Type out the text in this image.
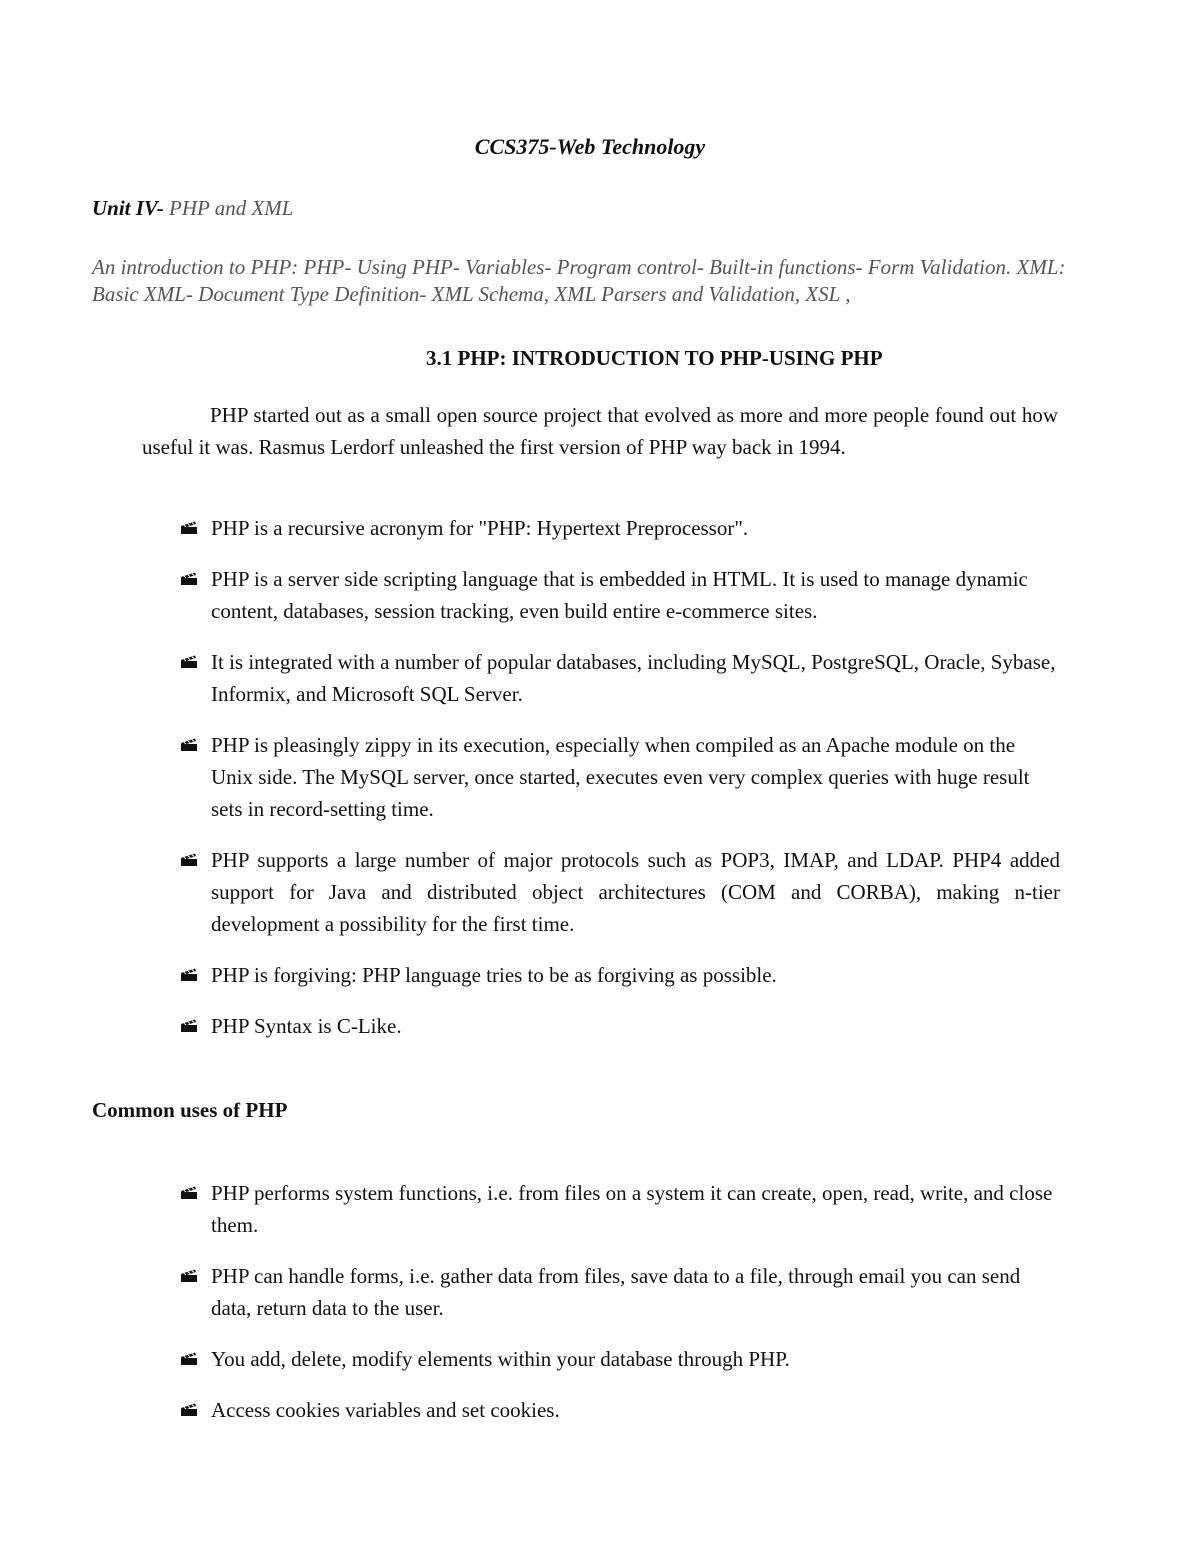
CCS375-Web Technology
Unit IV- PHP and XML
An introduction to PHP: PHP- Using PHP- Variables- Program control- Built-in functions- Form Validation. XML: Basic XML- Document Type Definition- XML Schema, XML Parsers and Validation, XSL ,
3.1 PHP: INTRODUCTION TO PHP-USING PHP
PHP started out as a small open source project that evolved as more and more people found out how useful it was. Rasmus Lerdorf unleashed the first version of PHP way back in 1994.
PHP is a recursive acronym for "PHP: Hypertext Preprocessor".
PHP is a server side scripting language that is embedded in HTML. It is used to manage dynamic content, databases, session tracking, even build entire e-commerce sites.
It is integrated with a number of popular databases, including MySQL, PostgreSQL, Oracle, Sybase, Informix, and Microsoft SQL Server.
PHP is pleasingly zippy in its execution, especially when compiled as an Apache module on the Unix side. The MySQL server, once started, executes even very complex queries with huge result sets in record-setting time.
PHP supports a large number of major protocols such as POP3, IMAP, and LDAP. PHP4 added support for Java and distributed object architectures (COM and CORBA), making n-tier development a possibility for the first time.
PHP is forgiving: PHP language tries to be as forgiving as possible.
PHP Syntax is C-Like.
Common uses of PHP
PHP performs system functions, i.e. from files on a system it can create, open, read, write, and close them.
PHP can handle forms, i.e. gather data from files, save data to a file, through email you can send data, return data to the user.
You add, delete, modify elements within your database through PHP.
Access cookies variables and set cookies.
